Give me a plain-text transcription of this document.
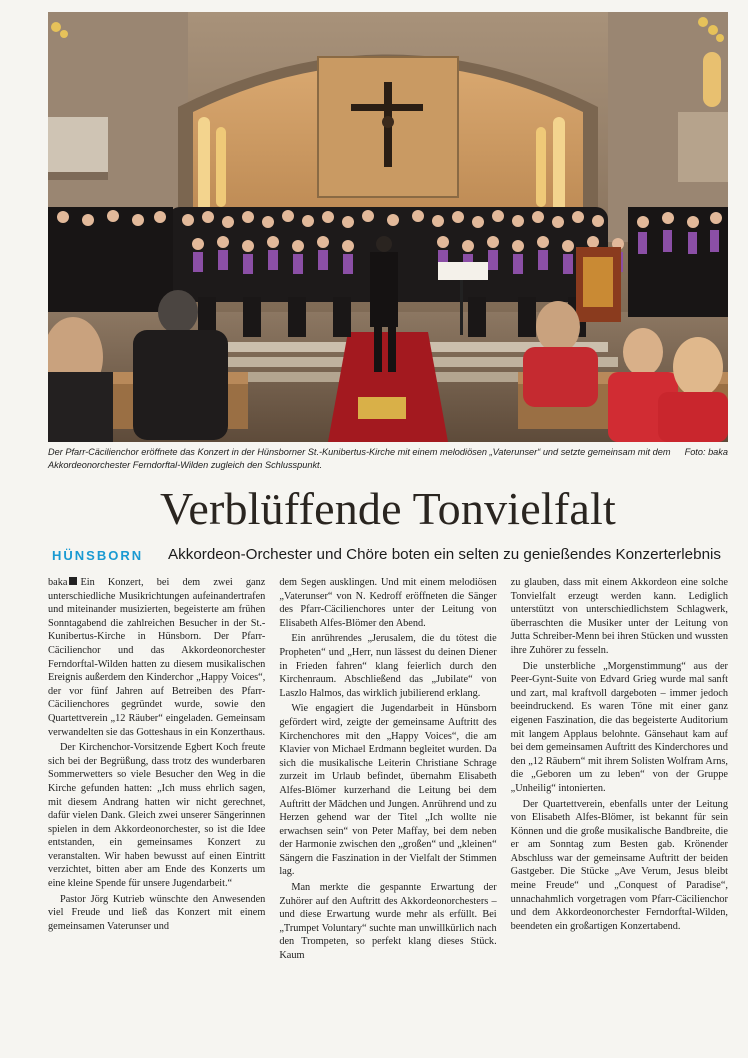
Foto: baka
Der Pfarr-Cäcilienchor eröffnete das Konzert in der Hünsborner St.-Kunibertus-Kirche mit einem melodiösen „Vaterunser“ und setzte gemeinsam mit dem Akkordeonorchester Ferndorftal-Wilden zugleich den Schlusspunkt.
Verblüffende Tonvielfalt
HÜNSBORN Akkordeon-Orchester und Chöre boten ein selten zu genießendes Konzerterlebnis

baka Ein Konzert, bei dem zwei ganz unterschiedliche Musikrichtungen aufeinandertrafen und miteinander musizierten, begeisterte am frühen Sonntagabend die zahlreichen Besucher in der St.-Kunibertus-Kirche in Hünsborn. Der Pfarr-Cäcilienchor und das Akkordeonorchester Ferndorftal-Wilden hatten zu diesem musikalischen Ereignis außerdem den Kinderchor „Happy Voices“, der vor fünf Jahren auf Betreiben des Pfarr-Cäcilienchores gegründet wurde, sowie den Quartettverein „12 Räuber“ eingeladen. Gemeinsam verwandelten sie das Gotteshaus in ein Konzerthaus.

Der Kirchenchor-Vorsitzende Egbert Koch freute sich bei der Begrüßung, dass trotz des wunderbaren Sommerwetters so viele Besucher den Weg in die Kirche gefunden hatten: „Ich muss ehrlich sagen, mit diesem Andrang hatten wir nicht gerechnet, dafür vielen Dank. Gleich zwei unserer Sängerinnen spielen in dem Akkordeonorchester, so ist die Idee entstanden, ein gemeinsames Konzert zu veranstalten. Wir haben bewusst auf einen Eintritt verzichtet, bitten aber am Ende des Konzerts um eine kleine Spende für unsere Jugendarbeit.“

Pastor Jörg Kutrieb wünschte den Anwesenden viel Freude und ließ das Konzert mit einem gemeinsamen Vaterunser und

dem Segen ausklingen. Und mit einem melodiösen „Vaterunser“ von N. Kedroff eröffneten die Sänger des Pfarr-Cäcilienchores unter der Leitung von Elisabeth Alfes-Blömer den Abend.

Ein anrührendes „Jerusalem, die du tötest die Propheten“ und „Herr, nun lässest du deinen Diener in Frieden fahren“ klang feierlich durch den Kirchenraum. Abschließend das „Jubilate“ von Laszlo Halmos, das wirklich jubilierend erklang.

Wie engagiert die Jugendarbeit in Hünsborn gefördert wird, zeigte der gemeinsame Auftritt des Kirchenchores mit den „Happy Voices“, die am Klavier von Michael Erdmann begleitet wurden. Da sich die musikalische Leiterin Christiane Schrage zurzeit im Urlaub befindet, übernahm Elisabeth Alfes-Blömer kurzerhand die Leitung bei dem Auftritt der Mädchen und Jungen. Anrührend und zu Herzen gehend war der Titel „Ich wollte nie erwachsen sein“ von Peter Maffay, bei dem neben der Harmonie zwischen den „großen“ und „kleinen“ Sängern die Faszination in der Vielfalt der Stimmen lag.

Man merkte die gespannte Erwartung der Zuhörer auf den Auftritt des Akkordeonorchesters – und diese Erwartung wurde mehr als erfüllt. Bei „Trumpet Voluntary“ suchte man unwillkürlich nach den Trompeten, so perfekt klang dieses Stück. Kaum

zu glauben, dass mit einem Akkordeon eine solche Tonvielfalt erzeugt werden kann. Lediglich unterstützt von unterschiedlichstem Schlagwerk, überraschten die Musiker unter der Leitung von Jutta Schreiber-Menn bei ihren Stücken und wussten ihre Zuhörer zu fesseln.

Die unsterbliche „Morgenstimmung“ aus der Peer-Gynt-Suite von Edvard Grieg wurde mal sanft und zart, mal kraftvoll dargeboten – immer jedoch beeindruckend. Es waren Töne mit einer ganz eigenen Faszination, die das begeisterte Auditorium mit langem Applaus belohnte. Gänsehaut kam auf bei dem gemeinsamen Auftritt des Kinderchores und den „12 Räubern“ mit ihrem Solisten Wolfram Arns, die „Geboren um zu leben“ von der Gruppe „Unheilig“ intonierten.

Der Quartettverein, ebenfalls unter der Leitung von Elisabeth Alfes-Blömer, ist bekannt für sein Können und die große musikalische Bandbreite, die er am Sonntag zum Besten gab. Krönender Abschluss war der gemeinsame Auftritt der beiden Gastgeber. Die Stücke „Ave Verum, Jesus bleibt meine Freude“ und „Conquest of Paradise“, unnachahmlich vorgetragen vom Pfarr-Cäcilienchor und dem Akkordeonorchester Ferndorftal-Wilden, beendeten ein großartigen Konzertabend.
